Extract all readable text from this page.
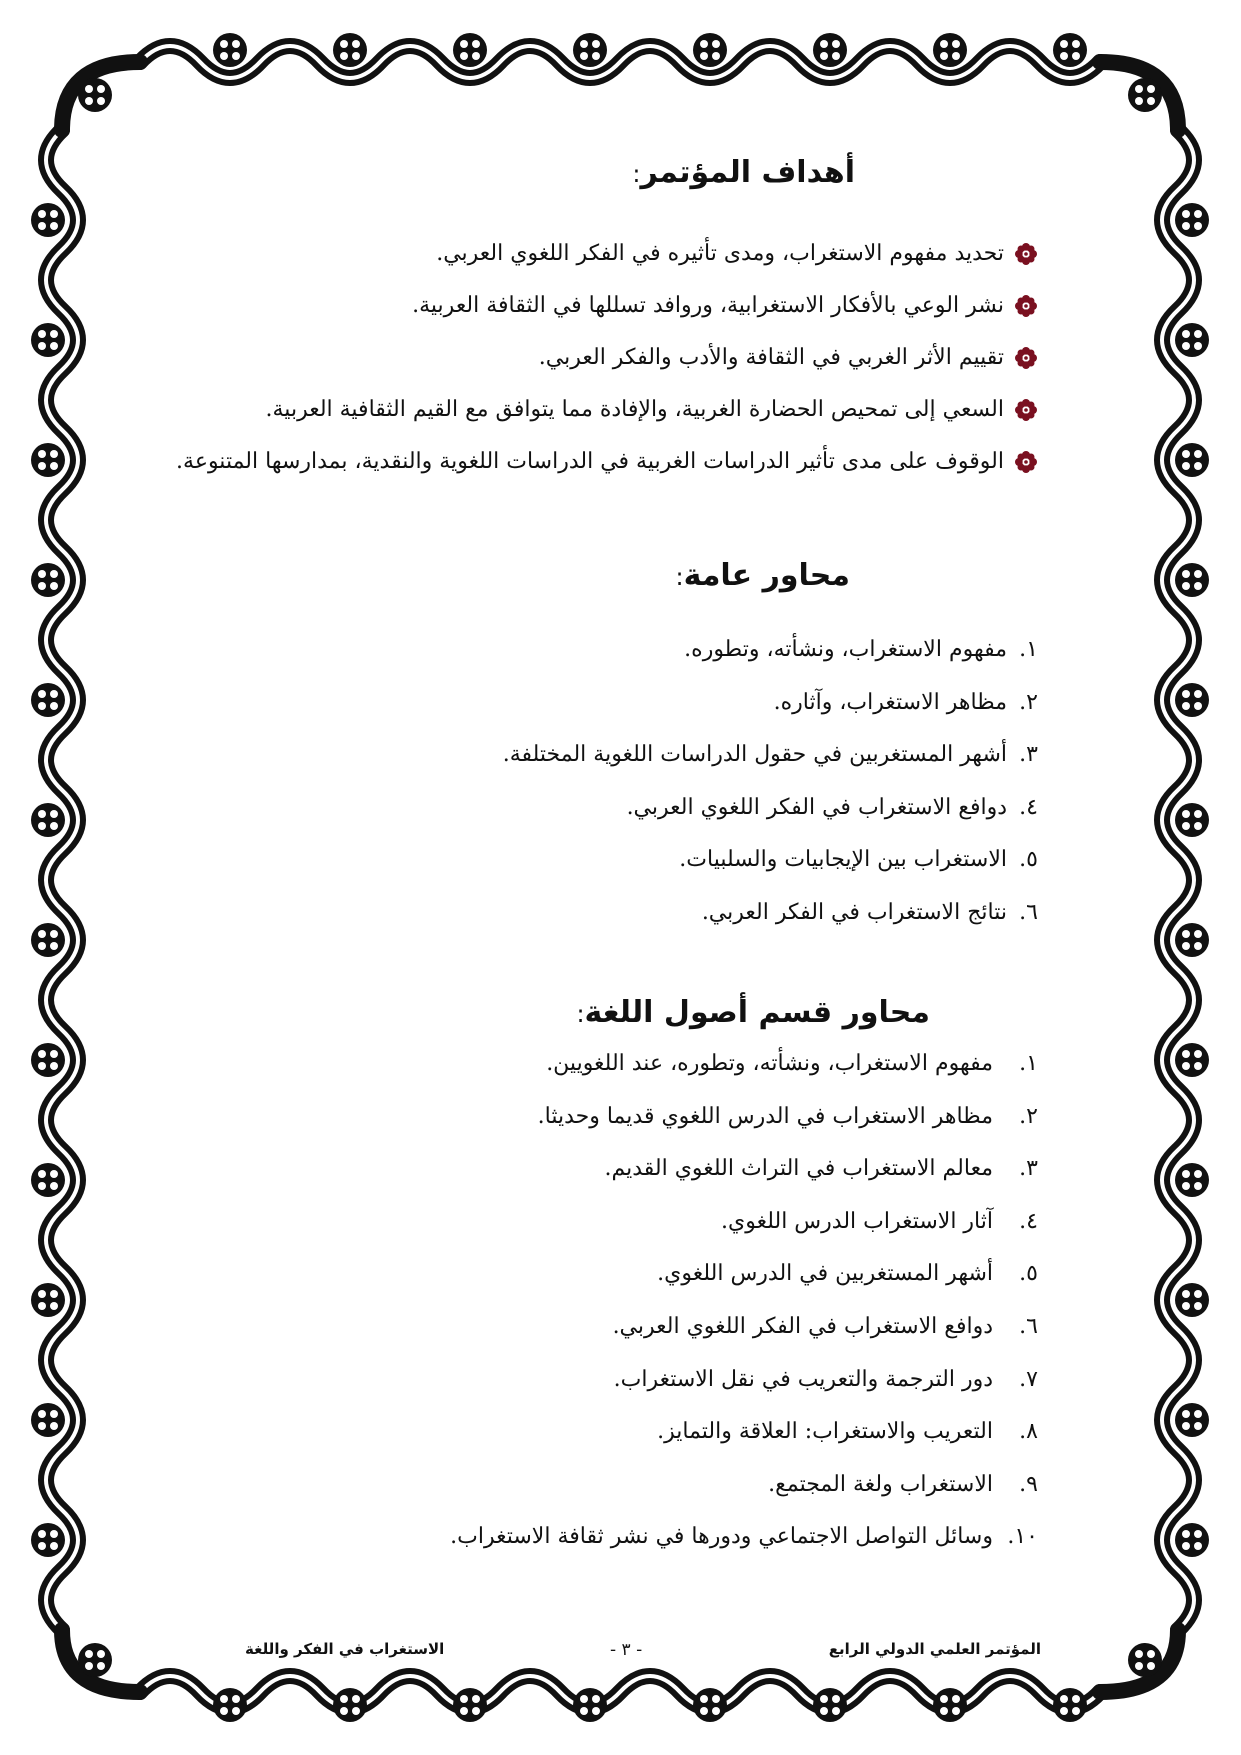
أهداف المؤتمر:
تحديد مفهوم الاستغراب، ومدى تأثيره في الفكر اللغوي العربي.
نشر الوعي بالأفكار الاستغرابية، وروافد تسللها في الثقافة العربية.
تقييم الأثر الغربي في الثقافة والأدب والفكر العربي.
السعي إلى تمحيص الحضارة الغربية، والإفادة مما يتوافق مع القيم الثقافية العربية.
الوقوف على مدى تأثير الدراسات الغربية في الدراسات اللغوية والنقدية، بمدارسها المتنوعة.
محاور عامة:
١. مفهوم الاستغراب، ونشأته، وتطوره.
٢. مظاهر الاستغراب، وآثاره.
٣. أشهر المستغربين في حقول الدراسات اللغوية المختلفة.
٤. دوافع الاستغراب في الفكر اللغوي العربي.
٥. الاستغراب بين الإيجابيات والسلبيات.
٦. نتائج الاستغراب في الفكر العربي.
محاور قسم أصول اللغة:
١. مفهوم الاستغراب، ونشأته، وتطوره، عند اللغويين.
٢. مظاهر الاستغراب في الدرس اللغوي قديما وحديثا.
٣. معالم الاستغراب في التراث اللغوي القديم.
٤. آثار الاستغراب الدرس اللغوي.
٥. أشهر المستغربين في الدرس اللغوي.
٦. دوافع الاستغراب في الفكر اللغوي العربي.
٧. دور الترجمة والتعريب في نقل الاستغراب.
٨. التعريب والاستغراب: العلاقة والتمايز.
٩. الاستغراب ولغة المجتمع.
١٠. وسائل التواصل الاجتماعي ودورها في نشر ثقافة الاستغراب.
المؤتمر العلمي الدولي الرابع
- ٣ -
الاستغراب في الفكر واللغة
